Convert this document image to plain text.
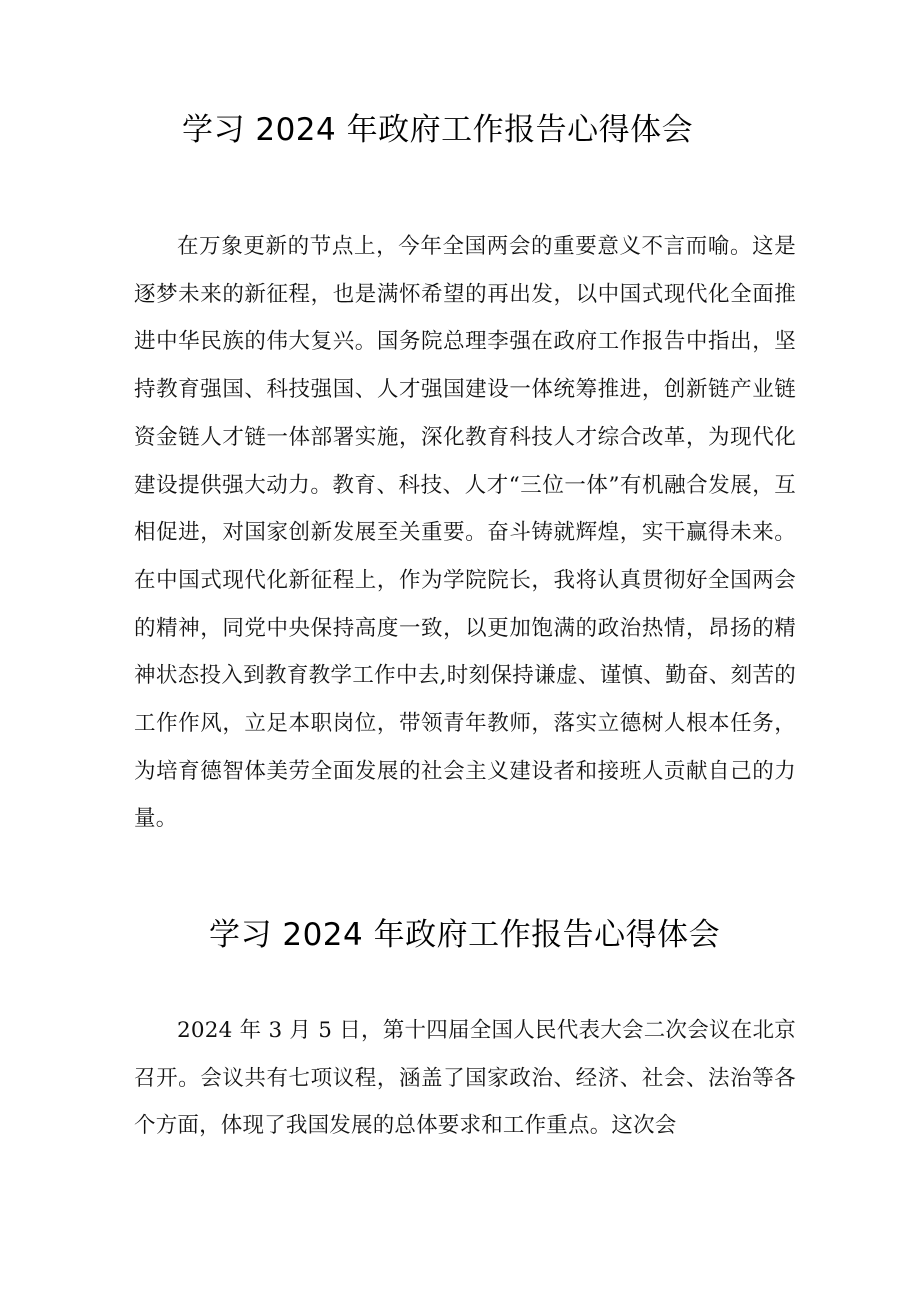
学习 2024 年政府工作报告心得体会

在万象更新的节点上，今年全国两会的重要意义不言而喻。这是逐梦未来的新征程，也是满怀希望的再出发，以中国式现代化全面推进中华民族的伟大复兴。国务院总理李强在政府工作报告中指出，坚持教育强国、科技强国、人才强国建设一体统筹推进，创新链产业链资金链人才链一体部署实施，深化教育科技人才综合改革，为现代化建设提供强大动力。教育、科技、人才“三位一体”有机融合发展，互相促进，对国家创新发展至关重要。奋斗铸就辉煌，实干赢得未来。在中国式现代化新征程上，作为学院院长，我将认真贯彻好全国两会的精神，同党中央保持高度一致，以更加饱满的政治热情，昂扬的精神状态投入到教育教学工作中去,时刻保持谦虚、谨慎、勤奋、刻苦的工作作风，立足本职岗位，带领青年教师，落实立德树人根本任务，为培育德智体美劳全面发展的社会主义建设者和接班人贡献自己的力量。

学习 2024 年政府工作报告心得体会

2024 年 3 月 5 日，第十四届全国人民代表大会二次会议在北京召开。会议共有七项议程，涵盖了国家政治、经济、社会、法治等各个方面，体现了我国发展的总体要求和工作重点。这次会
